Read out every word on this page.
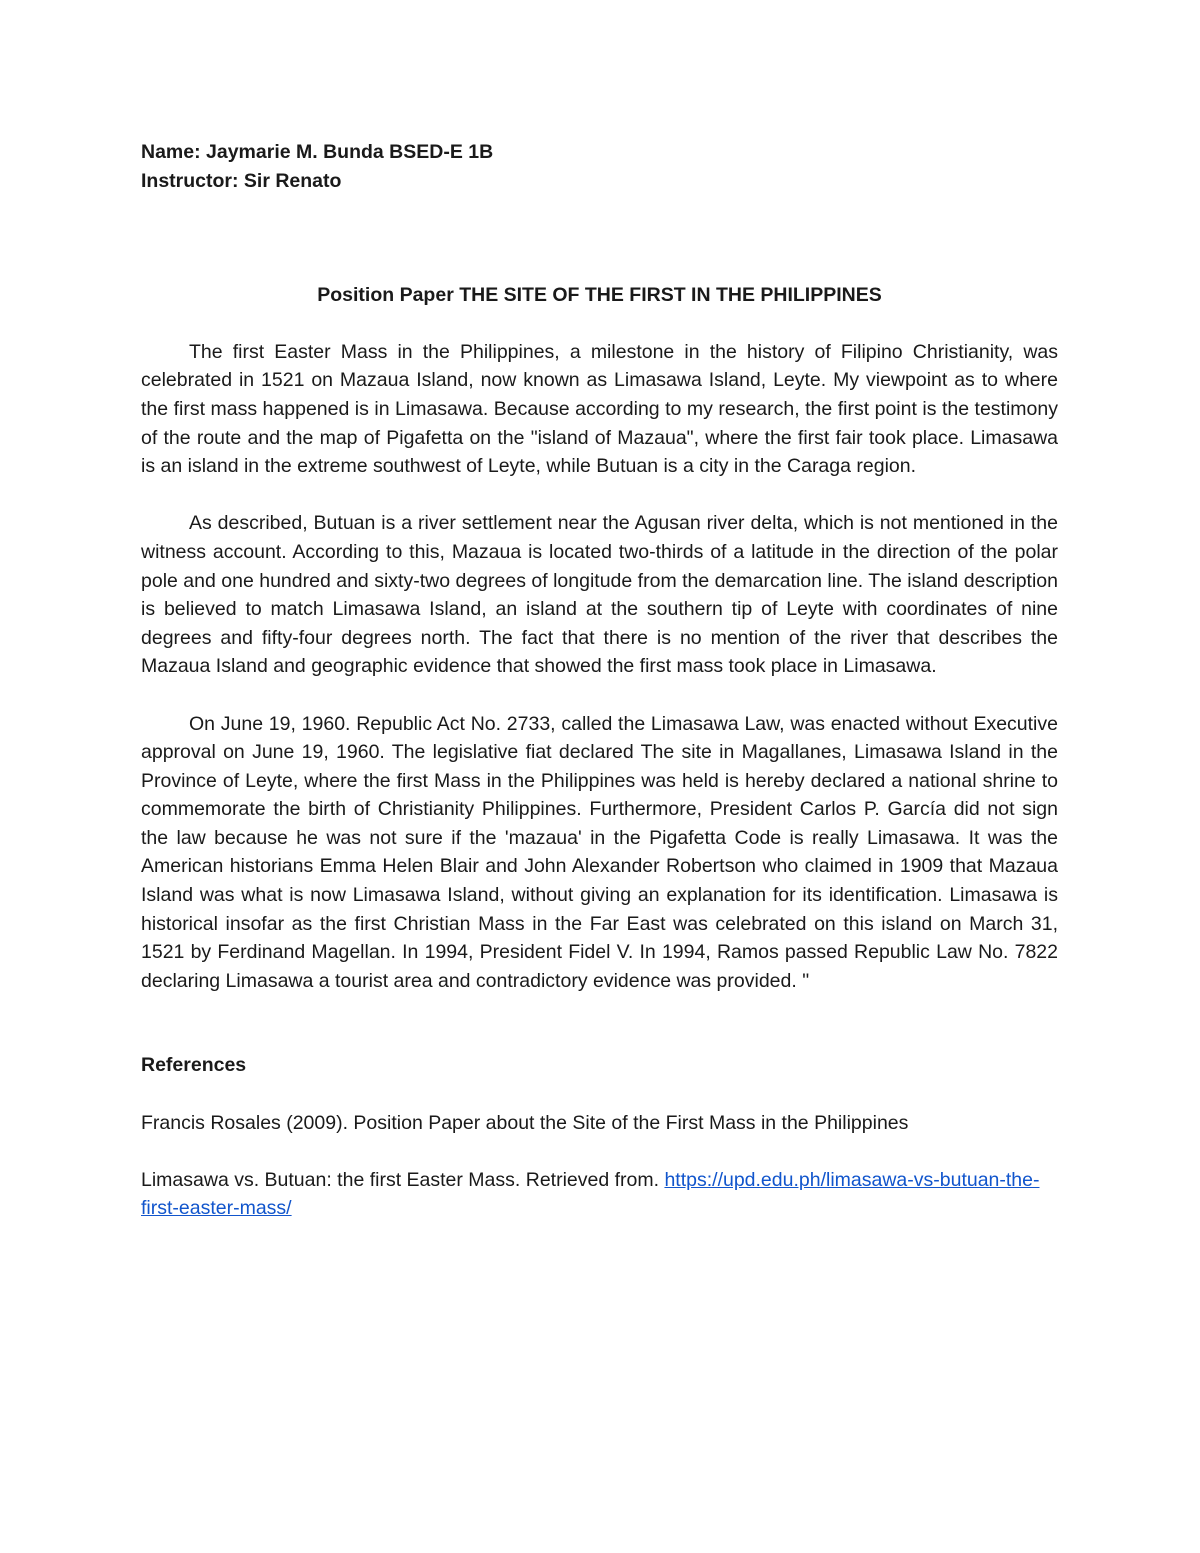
Name: Jaymarie M. Bunda BSED-E 1B

Instructor: Sir Renato

Position Paper THE SITE OF THE FIRST IN THE PHILIPPINES

The first Easter Mass in the Philippines, a milestone in the history of Filipino Christianity, was celebrated in 1521 on Mazaua Island, now known as Limasawa Island, Leyte. My viewpoint as to where the first mass happened is in Limasawa. Because according to my research, the first point is the testimony of the route and the map of Pigafetta on the "island of Mazaua", where the first fair took place. Limasawa is an island in the extreme southwest of Leyte, while Butuan is a city in the Caraga region.

As described, Butuan is a river settlement near the Agusan river delta, which is not mentioned in the witness account. According to this, Mazaua is located two-thirds of a latitude in the direction of the polar pole and one hundred and sixty-two degrees of longitude from the demarcation line. The island description is believed to match Limasawa Island, an island at the southern tip of Leyte with coordinates of nine degrees and fifty-four degrees north. The fact that there is no mention of the river that describes the Mazaua Island and geographic evidence that showed the first mass took place in Limasawa.

On June 19, 1960. Republic Act No. 2733, called the Limasawa Law, was enacted without Executive approval on June 19, 1960. The legislative fiat declared The site in Magallanes, Limasawa Island in the Province of Leyte, where the first Mass in the Philippines was held is hereby declared a national shrine to commemorate the birth of Christianity Philippines. Furthermore, President Carlos P. García did not sign the law because he was not sure if the 'mazaua' in the Pigafetta Code is really Limasawa. It was the American historians Emma Helen Blair and John Alexander Robertson who claimed in 1909 that Mazaua Island was what is now Limasawa Island, without giving an explanation for its identification. Limasawa is historical insofar as the first Christian Mass in the Far East was celebrated on this island on March 31, 1521 by Ferdinand Magellan. In 1994, President Fidel V. In 1994, Ramos passed Republic Law No. 7822 declaring Limasawa a tourist area and contradictory evidence was provided. "

References

Francis Rosales (2009). Position Paper about the Site of the First Mass in the Philippines

Limasawa vs. Butuan: the first Easter Mass. Retrieved from. https://upd.edu.ph/limasawa-vs-butuan-the-first-easter-mass/
